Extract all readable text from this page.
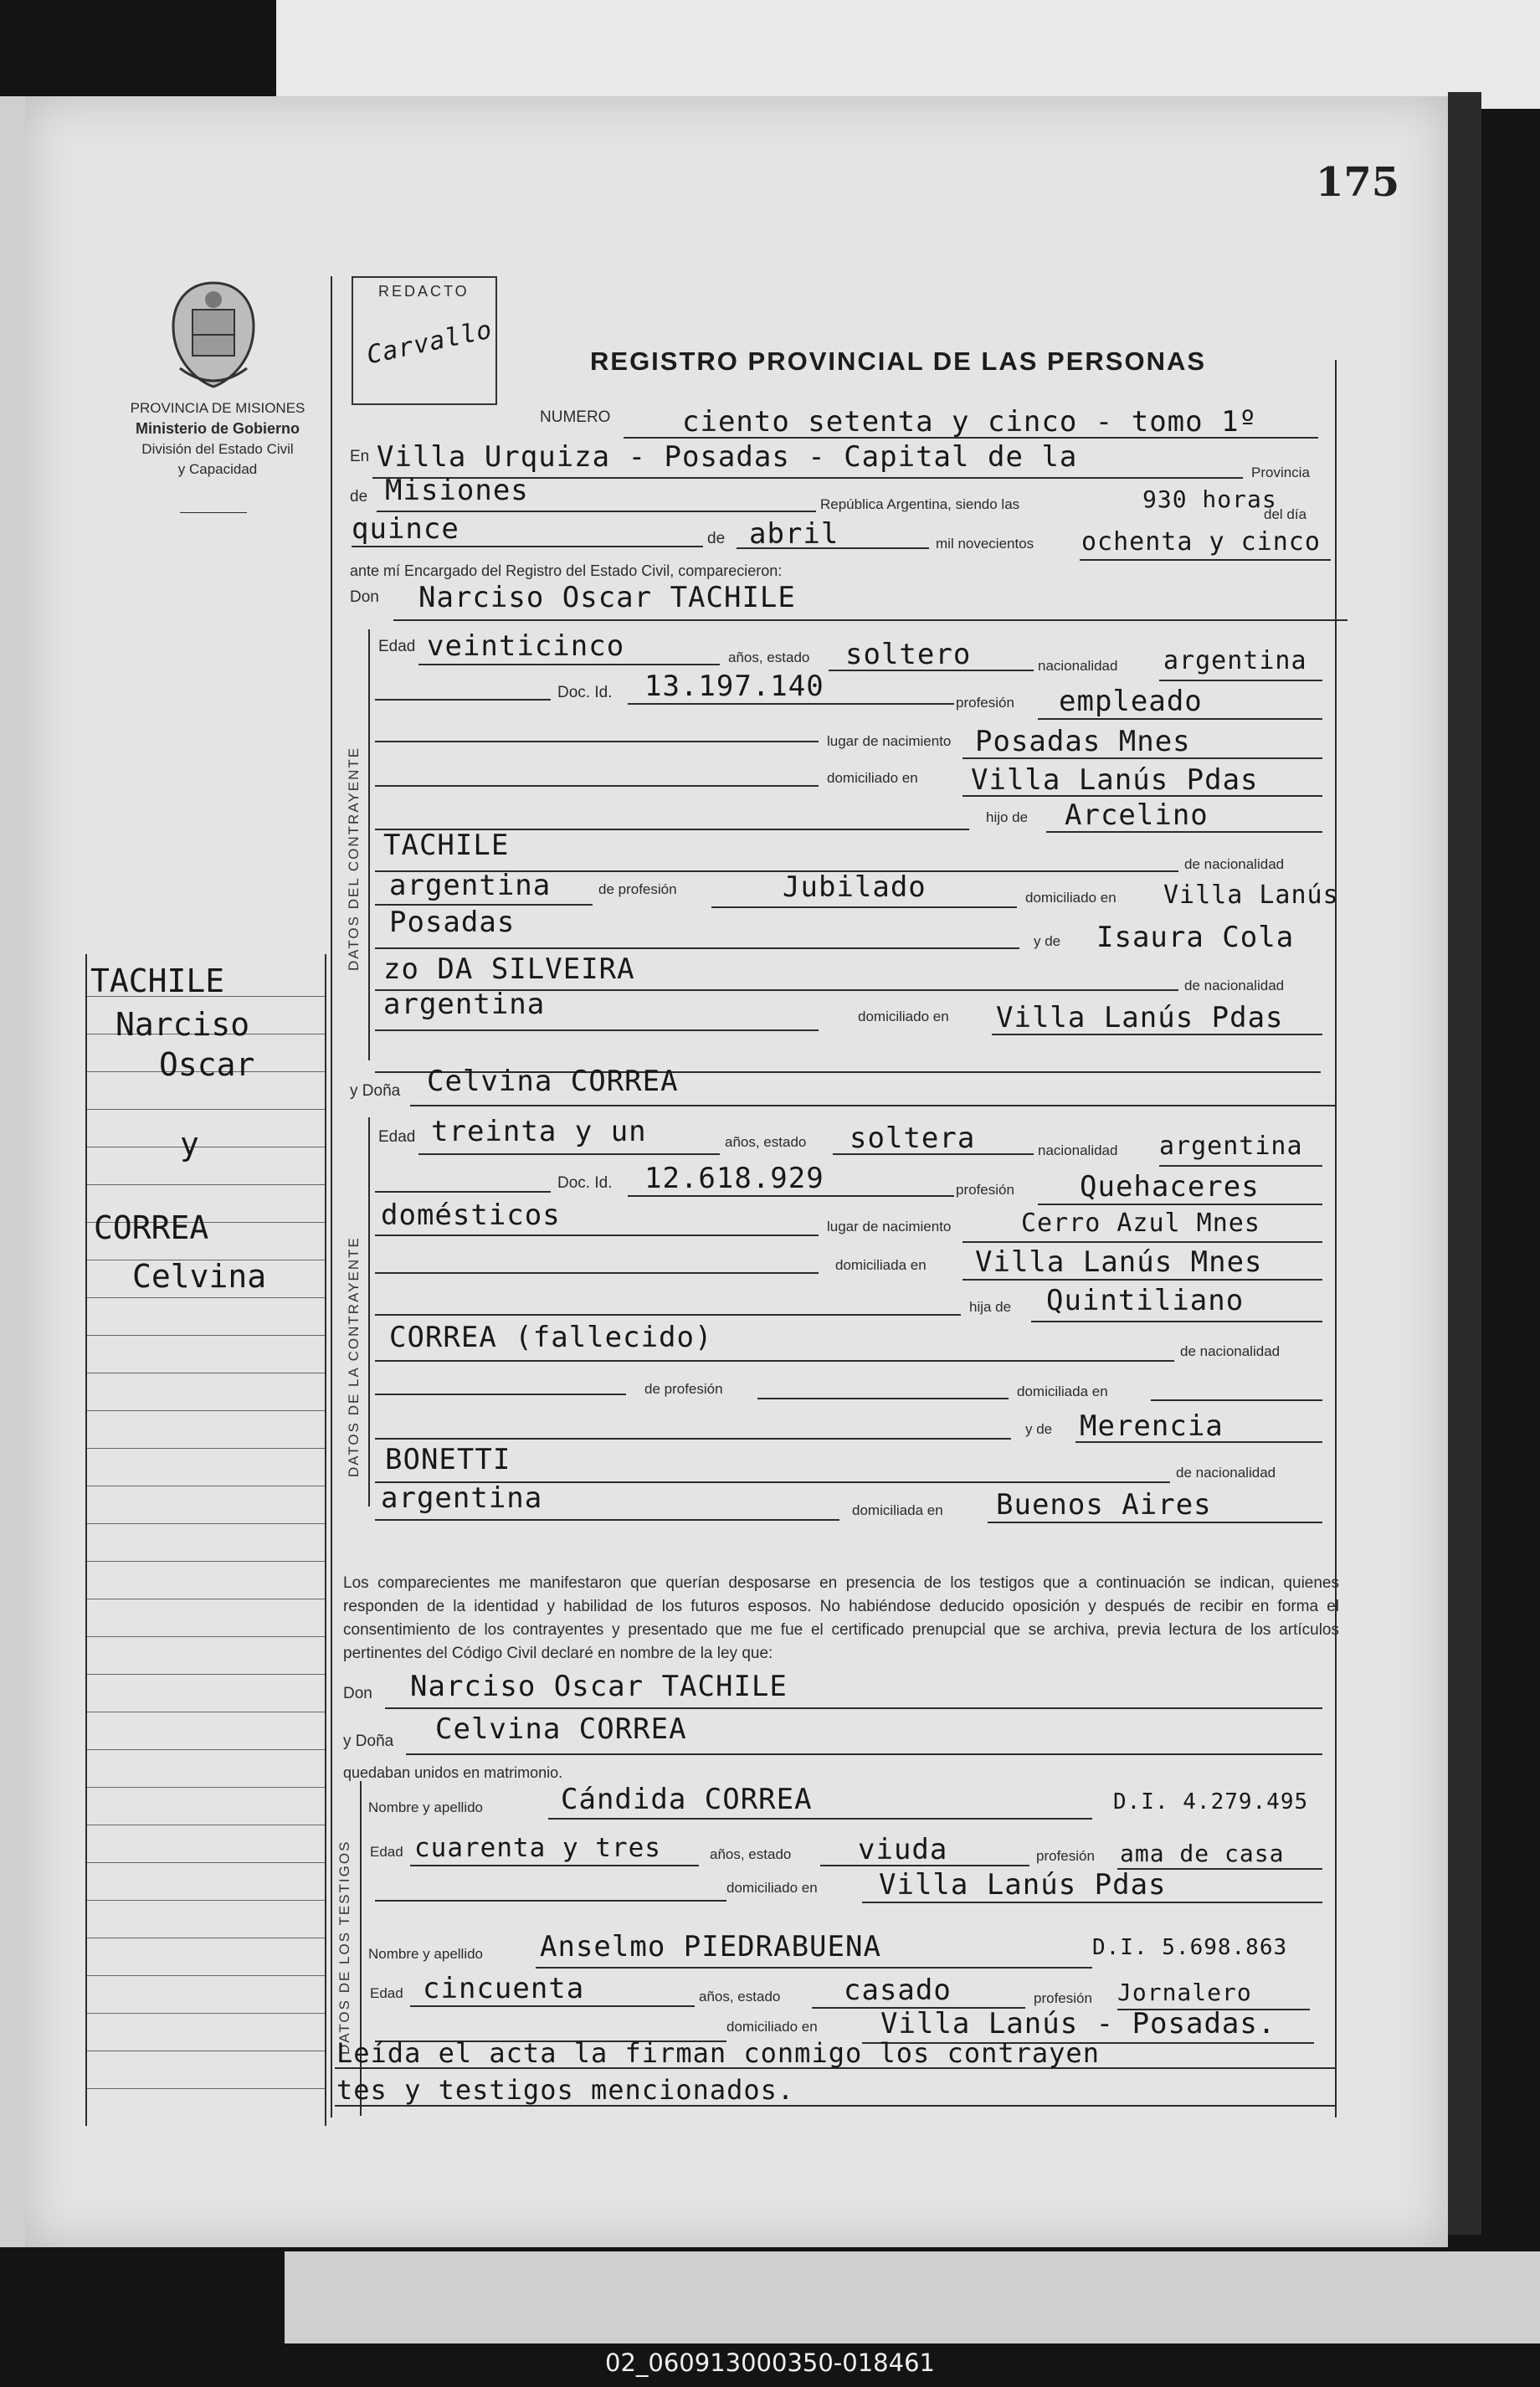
175
PROVINCIA DE MISIONES
Ministerio de Gobierno
División del Estado Civil
y Capacidad
REDACTO
Carvallo	REGISTRO PROVINCIAL DE LAS PERSONAS
TACHILE
Narciso
Oscar
y
CORREA
Celvina
NUMERO	ciento setenta y cinco - tomo 1º
En Villa Urquiza - Posadas - Capital de la	Provincia
de Misiones	República Argentina, siendo las	930 horas
del día
quince	de abril	mil novecientos ochenta y cinco
ante mí Encargado del Registro del Estado Civil, comparecieron:
Don Narciso Oscar TACHILE
DATOS DEL CONTRAYENTE
Edad veinticinco	años, estado soltero	nacionalidad argentina
Doc. Id. 13.197.140	profesión empleado
lugar de nacimiento Posadas Mnes
domiciliado en Villa Lanús Pdas
hijo de Arcelino
TACHILE
de nacionalidad
argentina	de profesión	Jubilado	domiciliado en Villa Lanús
Posadas
y de Isaura Cola
zo DA SILVEIRA	de nacionalidad
argentina	domiciliado en Villa Lanús Pdas
y Doña Celvina CORREA
DATOS DE LA CONTRAYENTE
Edad treinta y un	años, estado soltera	nacionalidad argentina
Doc. Id. 12.618.929	profesión Quehaceres
domésticos	lugar de nacimiento	Cerro Azul Mnes
domiciliada en Villa Lanús Mnes
hija de Quintiliano
CORREA (fallecido)	de nacionalidad
de profesión	domiciliada en
y de Merencia
BONETTI	de nacionalidad
argentina	domiciliada en Buenos Aires
Los comparecientes me manifestaron que querían desposarse en presencia de los testigos que a continuación se indican, quienes responden de la identidad y habilidad de los futuros esposos. No habiéndose deducido oposición y después de recibir en forma el consentimiento de los contrayentes y presentado que me fue el certificado prenupcial que se archiva, previa lectura de los artículos pertinentes del Código Civil declaré en nombre de la ley que:
Don Narciso Oscar TACHILE
y Doña Celvina CORREA
quedaban unidos en matrimonio.
DATOS DE LOS TESTIGOS
Nombre y apellido	Cándida CORREA	D.I. 4.279.495
Edad cuarenta y tres	años, estado viuda	profesión ama de casa
domiciliado en Villa Lanús Pdas
Nombre y apellido Anselmo PIEDRABUENA	D.I. 5.698.863
Edad cincuenta	años, estado casado	profesión Jornalero
domiciliado en Villa Lanús - Posadas.
Leída el acta la firman conmigo los contrayen
tes y testigos mencionados.
02_060913000350-018461
